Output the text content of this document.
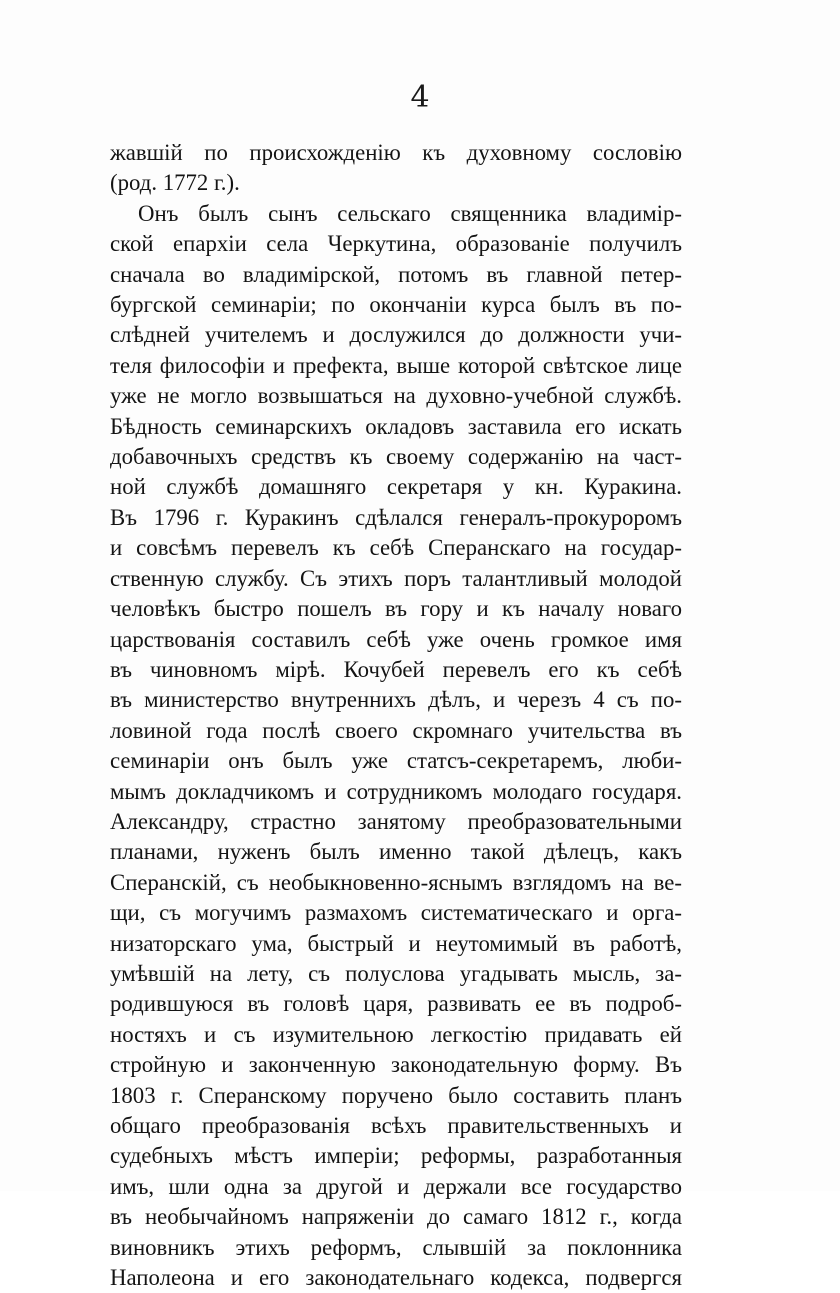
4
жавшiй по происхожденiю къ духовному сословiю
(род. 1772 г.).
Онъ былъ сынъ сельскаго священника владимiр-
ской епархiи села Черкутина, образованiе получилъ
сначала во владимiрской, потомъ въ главной петер-
бургской семинарiи; по окончанiи курса былъ въ по-
слѣдней учителемъ и дослужился до должности учи-
теля философiи и префекта, выше которой свѣтское лице
уже не могло возвышаться на духовно-учебной службѣ.
Бѣдность семинарскихъ окладовъ заставила его искать
добавочныхъ средствъ къ своему содержанiю на част-
ной службѣ домашняго секретаря у кн. Куракина.
Въ 1796 г. Куракинъ сдѣлался генералъ-прокуроромъ
и совсѣмъ перевелъ къ себѣ Сперанскаго на государ-
ственную службу. Съ этихъ поръ талантливый молодой
человѣкъ быстро пошелъ въ гору и къ началу новаго
царствованiя составилъ себѣ уже очень громкое имя
въ чиновномъ мiрѣ. Кочубей перевелъ его къ себѣ
въ министерство внутреннихъ дѣлъ, и черезъ 4 съ по-
ловиной года послѣ своего скромнаго учительства въ
семинарiи онъ былъ уже статсъ-секретаремъ, люби-
мымъ докладчикомъ и сотрудникомъ молодаго государя.
Александру, страстно занятому преобразовательными
планами, нуженъ былъ именно такой дѣлецъ, какъ
Сперанскiй, съ необыкновенно-яснымъ взглядомъ на ве-
щи, съ могучимъ размахомъ систематическаго и орга-
низаторскаго ума, быстрый и неутомимый въ работѣ,
умѣвшiй на лету, съ полуслова угадывать мысль, за-
родившуюся въ головѣ царя, развивать ее въ подроб-
ностяхъ и съ изумительною легкостiю придавать ей
стройную и законченную законодательную форму. Въ
1803 г. Сперанскому поручено было составить планъ
общаго преобразованiя всѣхъ правительственныхъ и
судебныхъ мѣстъ имперiи; реформы, разработанныя
имъ, шли одна за другой и держали все государство
въ необычайномъ напряженiи до самаго 1812 г., когда
виновникъ этихъ реформъ, слывшiй за поклонника
Наполеона и его законодательнаго кодекса, подвергся
